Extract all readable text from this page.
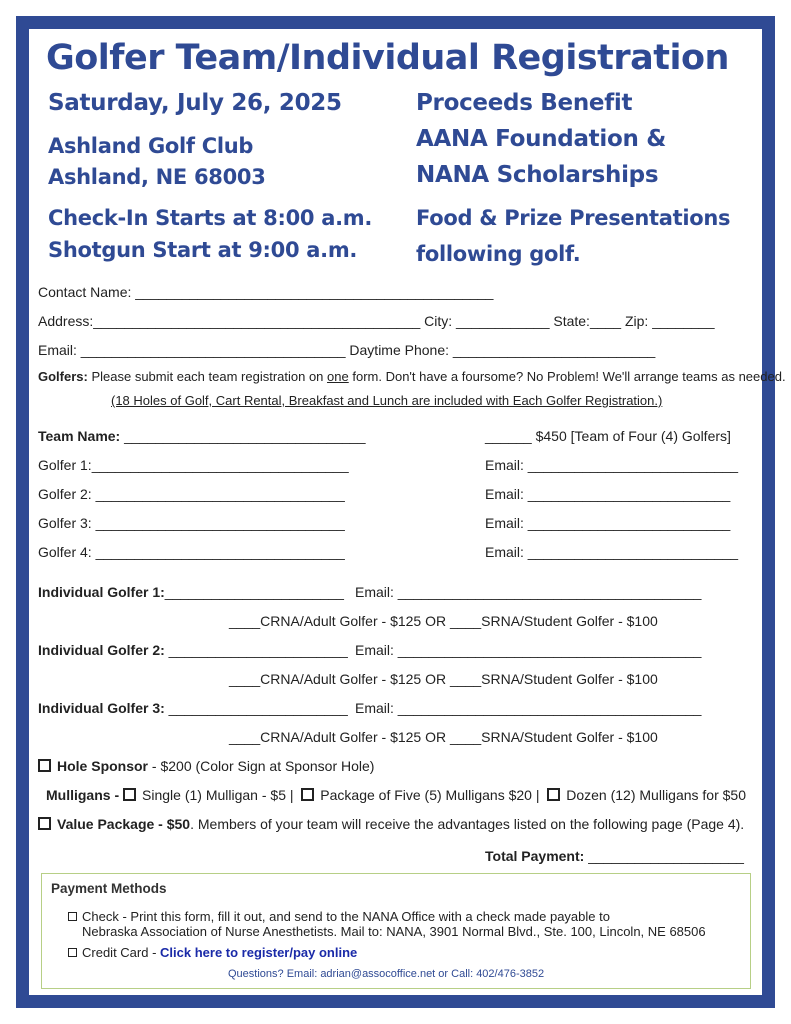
Golfer Team/Individual Registration
Saturday, July 26, 2025
Ashland Golf Club
Ashland, NE 68003
Check-In Starts at 8:00 a.m.
Shotgun Start at 9:00 a.m.
Proceeds Benefit
AANA Foundation &
NANA Scholarships
Food & Prize Presentations
following golf.
Contact Name: ______________________________________________
Address:__________________________________________ City: ____________ State:____ Zip: ________
Email: __________________________________ Daytime Phone: __________________________
Golfers: Please submit each team registration on one form. Don't have a foursome? No Problem! We'll arrange teams as needed.
(18 Holes of Golf, Cart Rental, Breakfast and Lunch are included with Each Golfer Registration.)
Team Name: _______________________________	______ $450 [Team of Four (4) Golfers]
Golfer 1:_________________________________	Email: ___________________________
Golfer 2: ________________________________	Email: __________________________
Golfer 3: ________________________________	Email: __________________________
Golfer 4: ________________________________	Email: ___________________________
Individual Golfer 1:_______________________ Email: _______________________________________
____CRNA/Adult Golfer - $125 OR ____SRNA/Student Golfer - $100
Individual Golfer 2: _______________________ Email: _______________________________________
____CRNA/Adult Golfer - $125 OR ____SRNA/Student Golfer - $100
Individual Golfer 3: _______________________ Email: _______________________________________
____CRNA/Adult Golfer - $125 OR ____SRNA/Student Golfer - $100
Hole Sponsor - $200 (Color Sign at Sponsor Hole)
Mulligans - Single (1) Mulligan - $5 | Package of Five (5) Mulligans $20 | Dozen (12) Mulligans for $50
Value Package - $50. Members of your team will receive the advantages listed on the following page (Page 4).
Total Payment: ____________________
Payment Methods
Check - Print this form, fill it out, and send to the NANA Office with a check made payable to
Nebraska Association of Nurse Anesthetists. Mail to: NANA, 3901 Normal Blvd., Ste. 100, Lincoln, NE 68506
Credit Card - Click here to register/pay online
Questions? Email: adrian@assocoffice.net or Call: 402/476-3852
